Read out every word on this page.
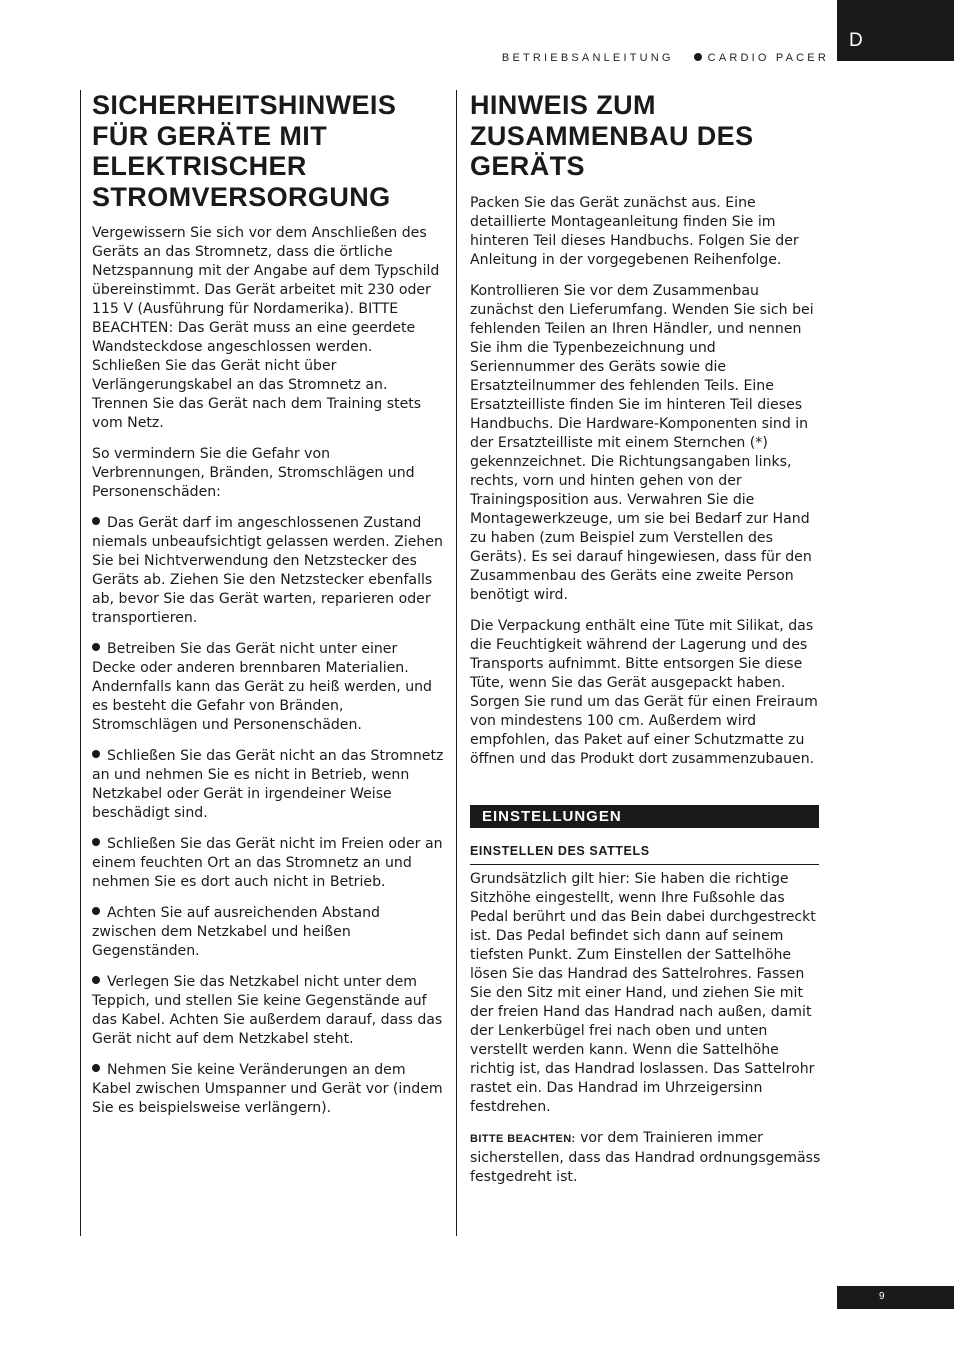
D
BETRIEBSANLEITUNG	CARDIO PACER
SICHERHEITSHINWEIS FÜR GERÄTE MIT ELEKTRISCHER STROMVERSORGUNG

Vergewissern Sie sich vor dem Anschließen des Geräts an das Stromnetz, dass die örtliche Netzspannung mit der Angabe auf dem Typschild übereinstimmt. Das Gerät arbeitet mit 230 oder 115 V (Ausführung für Nordamerika). BITTE BEACHTEN: Das Gerät muss an eine geerdete Wandsteckdose angeschlossen werden. Schließen Sie das Gerät nicht über Verlängerungskabel an das Stromnetz an. Trennen Sie das Gerät nach dem Training stets vom Netz.

So vermindern Sie die Gefahr von Verbrennungen, Bränden, Stromschlägen und Personenschäden:

Das Gerät darf im angeschlossenen Zustand niemals unbeaufsichtigt gelassen werden. Ziehen Sie bei Nichtverwendung den Netzstecker des Geräts ab. Ziehen Sie den Netzstecker ebenfalls ab, bevor Sie das Gerät warten, reparieren oder transportieren.

Betreiben Sie das Gerät nicht unter einer Decke oder anderen brennbaren Materialien. Andernfalls kann das Gerät zu heiß werden, und es besteht die Gefahr von Bränden, Stromschlägen und Personenschäden.

Schließen Sie das Gerät nicht an das Stromnetz an und nehmen Sie es nicht in Betrieb, wenn Netzkabel oder Gerät in irgendeiner Weise beschädigt sind.

Schließen Sie das Gerät nicht im Freien oder an einem feuchten Ort an das Stromnetz an und nehmen Sie es dort auch nicht in Betrieb.

Achten Sie auf ausreichenden Abstand zwischen dem Netzkabel und heißen Gegenständen.

Verlegen Sie das Netzkabel nicht unter dem Teppich, und stellen Sie keine Gegenstände auf das Kabel. Achten Sie außerdem darauf, dass das Gerät nicht auf dem Netzkabel steht.

Nehmen Sie keine Veränderungen an dem Kabel zwischen Umspanner und Gerät vor (indem Sie es beispielsweise verlängern).

HINWEIS ZUM ZUSAMMENBAU DES GERÄTS

Packen Sie das Gerät zunächst aus. Eine detaillierte Montageanleitung finden Sie im hinteren Teil dieses Handbuchs. Folgen Sie der Anleitung in der vorgegebenen Reihenfolge.

Kontrollieren Sie vor dem Zusammenbau zunächst den Lieferumfang. Wenden Sie sich bei fehlenden Teilen an Ihren Händler, und nennen Sie ihm die Typenbezeichnung und Seriennummer des Geräts sowie die Ersatzteilnummer des fehlenden Teils. Eine Ersatzteilliste finden Sie im hinteren Teil dieses Handbuchs. Die Hardware-Komponenten sind in der Ersatzteilliste mit einem Sternchen (*) gekennzeichnet. Die Richtungsangaben links, rechts, vorn und hinten gehen von der Trainingsposition aus. Verwahren Sie die Montagewerkzeuge, um sie bei Bedarf zur Hand zu haben (zum Beispiel zum Verstellen des Geräts). Es sei darauf hingewiesen, dass für den Zusammenbau des Geräts eine zweite Person benötigt wird.

Die Verpackung enthält eine Tüte mit Silikat, das die Feuchtigkeit während der Lagerung und des Transports aufnimmt. Bitte entsorgen Sie diese Tüte, wenn Sie das Gerät ausgepackt haben. Sorgen Sie rund um das Gerät für einen Freiraum von mindestens 100 cm. Außerdem wird empfohlen, das Paket auf einer Schutzmatte zu öffnen und das Produkt dort zusammenzubauen.

EINSTELLUNGEN
EINSTELLEN DES SATTELS

Grundsätzlich gilt hier: Sie haben die richtige Sitzhöhe eingestellt, wenn Ihre Fußsohle das Pedal berührt und das Bein dabei durchgestreckt ist. Das Pedal befindet sich dann auf seinem tiefsten Punkt. Zum Einstellen der Sattelhöhe lösen Sie das Handrad des Sattelrohres. Fassen Sie den Sitz mit einer Hand, und ziehen Sie mit der freien Hand das Handrad nach außen, damit der Lenkerbügel frei nach oben und unten verstellt werden kann. Wenn die Sattelhöhe richtig ist, das Handrad loslassen. Das Sattelrohr rastet ein. Das Handrad im Uhrzeigersinn festdrehen.

BITTE BEACHTEN: vor dem Trainieren immer sicherstellen, dass das Handrad ordnungsgemäss festgedreht ist.

9
